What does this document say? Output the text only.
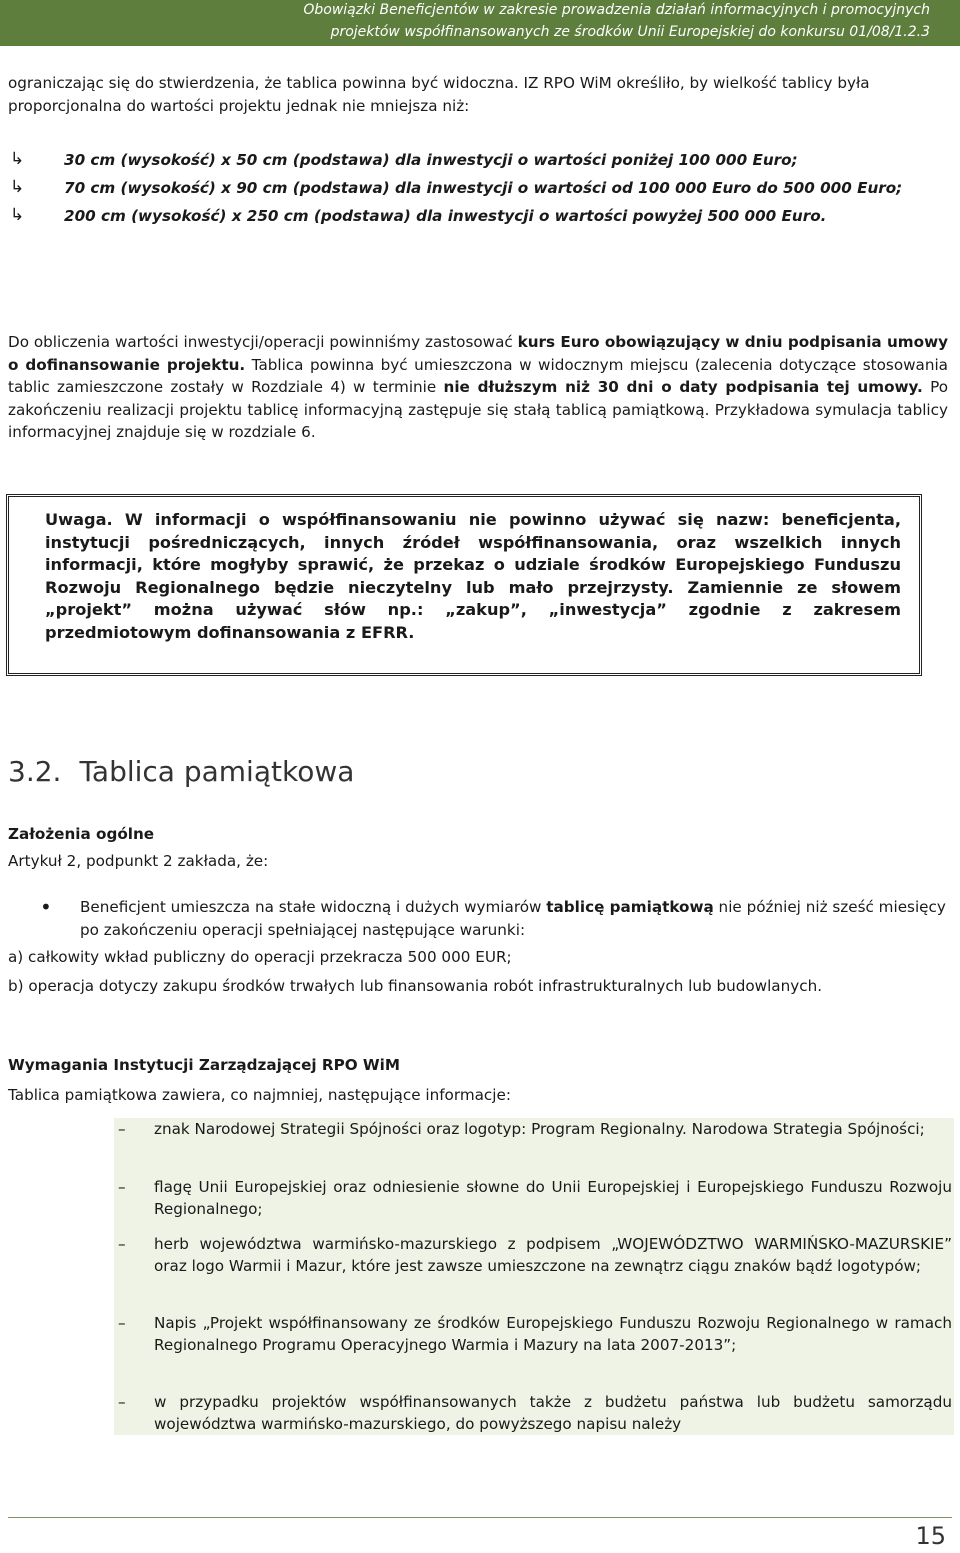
Obowiązki Beneficjentów w zakresie prowadzenia działań informacyjnych i promocyjnych
projektów współfinansowanych ze środków Unii Europejskiej do konkursu 01/08/1.2.3

ograniczając się do stwierdzenia, że tablica powinna być widoczna. IZ RPO WiM określiło, by wielkość tablicy była proporcjonalna do wartości projektu jednak nie mniejsza niż:

↳	30 cm (wysokość) x 50 cm (podstawa) dla inwestycji o wartości poniżej 100 000 Euro;
↳	70 cm (wysokość) x 90 cm (podstawa) dla inwestycji o wartości od 100 000 Euro do 500 000 Euro;
↳	200 cm (wysokość) x 250 cm (podstawa) dla inwestycji o wartości powyżej 500 000 Euro.

Do obliczenia wartości inwestycji/operacji powinniśmy zastosować kurs Euro obowiązujący w dniu podpisania umowy o dofinansowanie projektu. Tablica powinna być umieszczona w widocznym miejscu (zalecenia dotyczące stosowania tablic zamieszczone zostały w Rozdziale 4) w terminie nie dłuższym niż 30 dni o daty podpisania tej umowy. Po zakończeniu realizacji projektu tablicę informacyjną zastępuje się stałą tablicą pamiątkową. Przykładowa symulacja tablicy informacyjnej znajduje się w rozdziale 6.

Uwaga. W informacji o współfinansowaniu nie powinno używać się nazw: beneficjenta, instytucji pośredniczących, innych źródeł współfinansowania, oraz wszelkich innych informacji, które mogłyby sprawić, że przekaz o udziale środków Europejskiego Funduszu Rozwoju Regionalnego będzie nieczytelny lub mało przejrzysty. Zamiennie ze słowem „projekt” można używać słów np.: „zakup”, „inwestycja” zgodnie z zakresem przedmiotowym dofinansowania z EFRR.
3.2. Tablica pamiątkowa

Założenia ogólne

Artykuł 2, podpunkt 2 zakłada, że:

• Beneficjent umieszcza na stałe widoczną i dużych wymiarów tablicę pamiątkową nie później niż sześć miesięcy po zakończeniu operacji spełniającej następujące warunki:

a) całkowity wkład publiczny do operacji przekracza 500 000 EUR;

b) operacja dotyczy zakupu środków trwałych lub finansowania robót infrastrukturalnych lub budowlanych.

Wymagania Instytucji Zarządzającej RPO WiM

Tablica pamiątkowa zawiera, co najmniej, następujące informacje:

– znak Narodowej Strategii Spójności oraz logotyp: Program Regionalny. Narodowa Strategia Spójności;
– flagę Unii Europejskiej oraz odniesienie słowne do Unii Europejskiej i Europejskiego Funduszu Rozwoju Regionalnego;
– herb województwa warmińsko-mazurskiego z podpisem „WOJEWÓDZTWO WARMIŃSKO-MAZURSKIE” oraz logo Warmii i Mazur, które jest zawsze umieszczone na zewnątrz ciągu znaków bądź logotypów;
– Napis „Projekt współfinansowany ze środków Europejskiego Funduszu Rozwoju Regionalnego w ramach Regionalnego Programu Operacyjnego Warmia i Mazury na lata 2007-2013”;
– w przypadku projektów współfinansowanych także z budżetu państwa lub budżetu samorządu województwa warmińsko-mazurskiego, do powyższego napisu należy
15
